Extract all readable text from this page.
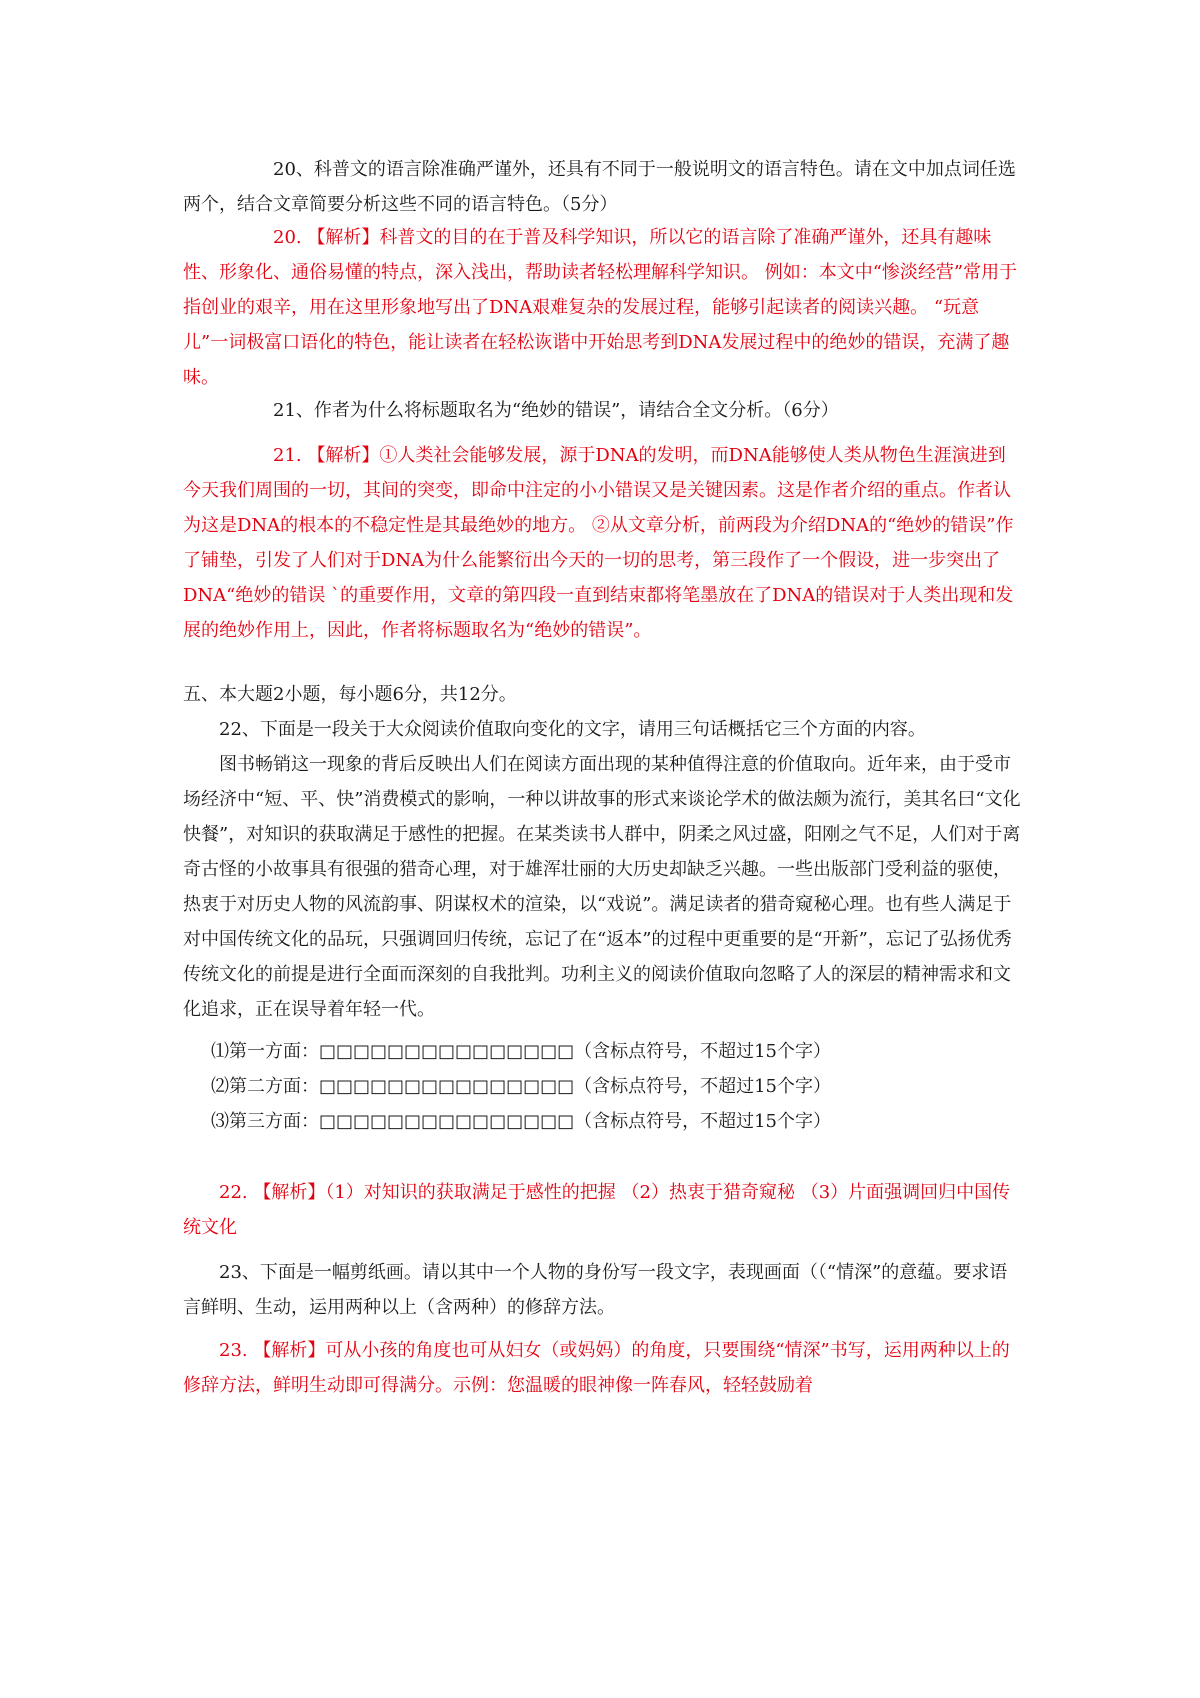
20、科普文的语言除准确严谨外，还具有不同于一般说明文的语言特色。请在文中加点词任选两个，结合文章简要分析这些不同的语言特色。（5分）
20. 【解析】科普文的目的在于普及科学知识，所以它的语言除了准确严谨外，还具有趣味性、形象化、通俗易懂的特点，深入浅出，帮助读者轻松理解科学知识。 例如：本文中“惨淡经营”常用于指创业的艰辛，用在这里形象地写出了DNA艰难复杂的发展过程，能够引起读者的阅读兴趣。 “玩意儿”一词极富口语化的特色，能让读者在轻松诙谐中开始思考到DNA发展过程中的绝妙的错误，充满了趣味。
21、作者为什么将标题取名为“绝妙的错误”，请结合全文分析。（6分）
21. 【解析】①人类社会能够发展，源于DNA的发明，而DNA能够使人类从物色生涯演进到今天我们周围的一切，其间的突变，即命中注定的小小错误又是关键因素。这是作者介绍的重点。作者认为这是DNA的根本的不稳定性是其最绝妙的地方。 ②从文章分析，前两段为介绍DNA的“绝妙的错误”作了铺垫，引发了人们对于DNA为什么能繁衍出今天的一切的思考，第三段作了一个假设，进一步突出了 DNA“绝妙的错误 `的重要作用，文章的第四段一直到结束都将笔墨放在了DNA的错误对于人类出现和发展的绝妙作用上，因此，作者将标题取名为“绝妙的错误”。
五、本大题2小题，每小题6分，共12分。
22、下面是一段关于大众阅读价值取向变化的文字，请用三句话概括它三个方面的内容。
图书畅销这一现象的背后反映出人们在阅读方面出现的某种值得注意的价值取向。近年来，由于受市场经济中“短、平、快”消费模式的影响，一种以讲故事的形式来谈论学术的做法颇为流行，美其名曰“文化快餐”，对知识的获取满足于感性的把握。在某类读书人群中，阴柔之风过盛，阳刚之气不足，人们对于离奇古怪的小故事具有很强的猎奇心理，对于雄浑壮丽的大历史却缺乏兴趣。一些出版部门受利益的驱使，热衷于对历史人物的风流韵事、阴谋权术的渲染，以“戏说”。满足读者的猎奇窥秘心理。也有些人满足于对中国传统文化的品玩，只强调回归传统，忘记了在“返本”的过程中更重要的是“开新”，忘记了弘扬优秀传统文化的前提是进行全面而深刻的自我批判。功利主义的阅读价值取向忽略了人的深层的精神需求和文化追求，正在误导着年轻一代。
⑴第一方面：□□□□□□□□□□□□□□□（含标点符号，不超过15个字）
⑵第二方面：□□□□□□□□□□□□□□□（含标点符号，不超过15个字）
⑶第三方面：□□□□□□□□□□□□□□□（含标点符号，不超过15个字）
22. 【解析】（1）对知识的获取满足于感性的把握 （2）热衷于猎奇窥秘 （3）片面强调回归中国传统文化
23、下面是一幅剪纸画。请以其中一个人物的身份写一段文字，表现画面（（“情深”的意蕴。要求语言鲜明、生动，运用两种以上（含两种）的修辞方法。
23. 【解析】可从小孩的角度也可从妇女（或妈妈）的角度，只要围绕“情深”书写，运用两种以上的修辞方法，鲜明生动即可得满分。示例：您温暖的眼神像一阵春风，轻轻鼓励着
